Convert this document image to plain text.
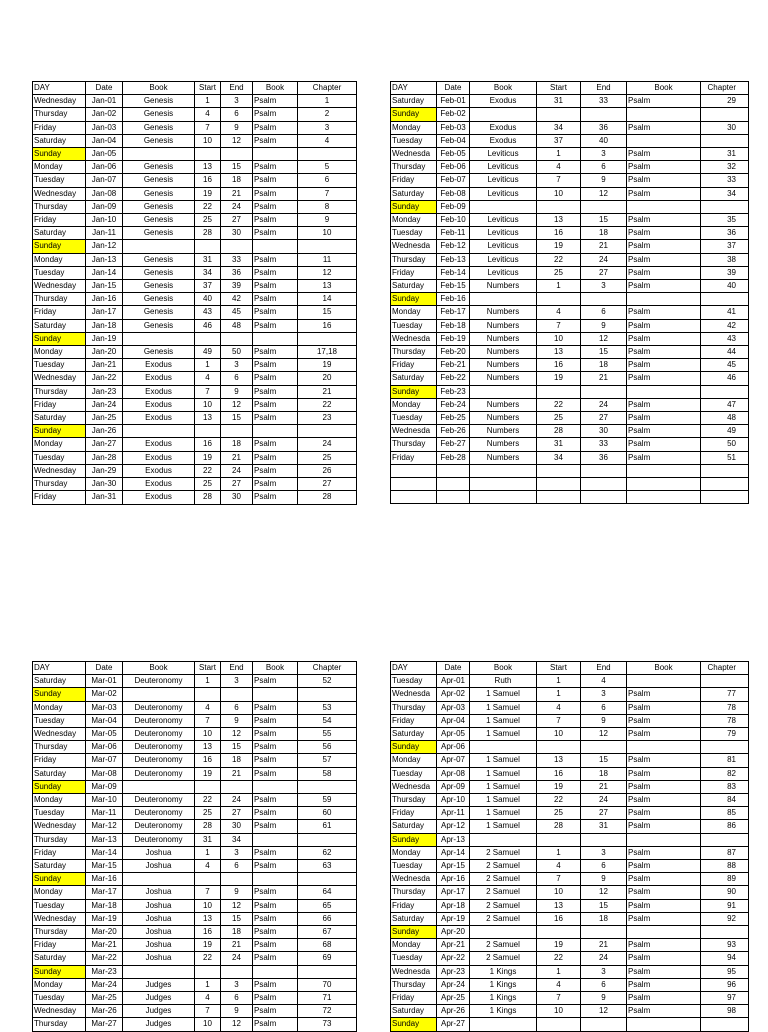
DAY	Date	Book	Start	End	Book	Chapter
Wednesday	Jan-01	Genesis	1	3	Psalm	1
Thursday	Jan-02	Genesis	4	6	Psalm	2
Friday	Jan-03	Genesis	7	9	Psalm	3
Saturday	Jan-04	Genesis	10	12	Psalm	4
Sunday	Jan-05					
Monday	Jan-06	Genesis	13	15	Psalm	5
Tuesday	Jan-07	Genesis	16	18	Psalm	6
Wednesday	Jan-08	Genesis	19	21	Psalm	7
Thursday	Jan-09	Genesis	22	24	Psalm	8
Friday	Jan-10	Genesis	25	27	Psalm	9
Saturday	Jan-11	Genesis	28	30	Psalm	10
Sunday	Jan-12					
Monday	Jan-13	Genesis	31	33	Psalm	11
Tuesday	Jan-14	Genesis	34	36	Psalm	12
Wednesday	Jan-15	Genesis	37	39	Psalm	13
Thursday	Jan-16	Genesis	40	42	Psalm	14
Friday	Jan-17	Genesis	43	45	Psalm	15
Saturday	Jan-18	Genesis	46	48	Psalm	16
Sunday	Jan-19					
Monday	Jan-20	Genesis	49	50	Psalm	17,18
Tuesday	Jan-21	Exodus	1	3	Psalm	19
Wednesday	Jan-22	Exodus	4	6	Psalm	20
Thursday	Jan-23	Exodus	7	9	Psalm	21
Friday	Jan-24	Exodus	10	12	Psalm	22
Saturday	Jan-25	Exodus	13	15	Psalm	23
Sunday	Jan-26					
Monday	Jan-27	Exodus	16	18	Psalm	24
Tuesday	Jan-28	Exodus	19	21	Psalm	25
Wednesday	Jan-29	Exodus	22	24	Psalm	26
Thursday	Jan-30	Exodus	25	27	Psalm	27
Friday	Jan-31	Exodus	28	30	Psalm	28
DAY	Date	Book	Start	End	Book	Chapter
Saturday	Feb-01	Exodus	31	33	Psalm	29
Sunday	Feb-02					
Monday	Feb-03	Exodus	34	36	Psalm	30
Tuesday	Feb-04	Exodus	37	40		
Wednesda	Feb-05	Leviticus	1	3	Psalm	31
Thursday	Feb-06	Leviticus	4	6	Psalm	32
Friday	Feb-07	Leviticus	7	9	Psalm	33
Saturday	Feb-08	Leviticus	10	12	Psalm	34
Sunday	Feb-09					
Monday	Feb-10	Leviticus	13	15	Psalm	35
Tuesday	Feb-11	Leviticus	16	18	Psalm	36
Wednesda	Feb-12	Leviticus	19	21	Psalm	37
Thursday	Feb-13	Leviticus	22	24	Psalm	38
Friday	Feb-14	Leviticus	25	27	Psalm	39
Saturday	Feb-15	Numbers	1	3	Psalm	40
Sunday	Feb-16					
Monday	Feb-17	Numbers	4	6	Psalm	41
Tuesday	Feb-18	Numbers	7	9	Psalm	42
Wednesda	Feb-19	Numbers	10	12	Psalm	43
Thursday	Feb-20	Numbers	13	15	Psalm	44
Friday	Feb-21	Numbers	16	18	Psalm	45
Saturday	Feb-22	Numbers	19	21	Psalm	46
Sunday	Feb-23					
Monday	Feb-24	Numbers	22	24	Psalm	47
Tuesday	Feb-25	Numbers	25	27	Psalm	48
Wednesda	Feb-26	Numbers	28	30	Psalm	49
Thursday	Feb-27	Numbers	31	33	Psalm	50
Friday	Feb-28	Numbers	34	36	Psalm	51

DAY	Date	Book	Start	End	Book	Chapter
Saturday	Mar-01	Deuteronomy	1	3	Psalm	52
Sunday	Mar-02					
Monday	Mar-03	Deuteronomy	4	6	Psalm	53
Tuesday	Mar-04	Deuteronomy	7	9	Psalm	54
Wednesday	Mar-05	Deuteronomy	10	12	Psalm	55
Thursday	Mar-06	Deuteronomy	13	15	Psalm	56
Friday	Mar-07	Deuteronomy	16	18	Psalm	57
Saturday	Mar-08	Deuteronomy	19	21	Psalm	58
Sunday	Mar-09					
Monday	Mar-10	Deuteronomy	22	24	Psalm	59
Tuesday	Mar-11	Deuteronomy	25	27	Psalm	60
Wednesday	Mar-12	Deuteronomy	28	30	Psalm	61
Thursday	Mar-13	Deuteronomy	31	34		
Friday	Mar-14	Joshua	1	3	Psalm	62
Saturday	Mar-15	Joshua	4	6	Psalm	63
Sunday	Mar-16					
Monday	Mar-17	Joshua	7	9	Psalm	64
Tuesday	Mar-18	Joshua	10	12	Psalm	65
Wednesday	Mar-19	Joshua	13	15	Psalm	66
Thursday	Mar-20	Joshua	16	18	Psalm	67
Friday	Mar-21	Joshua	19	21	Psalm	68
Saturday	Mar-22	Joshua	22	24	Psalm	69
Sunday	Mar-23					
Monday	Mar-24	Judges	1	3	Psalm	70
Tuesday	Mar-25	Judges	4	6	Psalm	71
Wednesday	Mar-26	Judges	7	9	Psalm	72
Thursday	Mar-27	Judges	10	12	Psalm	73
DAY	Date	Book	Start	End	Book	Chapter
Tuesday	Apr-01	Ruth	1	4		
Wednesda	Apr-02	1 Samuel	1	3	Psalm	77
Thursday	Apr-03	1 Samuel	4	6	Psalm	78
Friday	Apr-04	1 Samuel	7	9	Psalm	78
Saturday	Apr-05	1 Samuel	10	12	Psalm	79
Sunday	Apr-06					
Monday	Apr-07	1 Samuel	13	15	Psalm	81
Tuesday	Apr-08	1 Samuel	16	18	Psalm	82
Wednesda	Apr-09	1 Samuel	19	21	Psalm	83
Thursday	Apr-10	1 Samuel	22	24	Psalm	84
Friday	Apr-11	1 Samuel	25	27	Psalm	85
Saturday	Apr-12	1 Samuel	28	31	Psalm	86
Sunday	Apr-13					
Monday	Apr-14	2 Samuel	1	3	Psalm	87
Tuesday	Apr-15	2 Samuel	4	6	Psalm	88
Wednesda	Apr-16	2 Samuel	7	9	Psalm	89
Thursday	Apr-17	2 Samuel	10	12	Psalm	90
Friday	Apr-18	2 Samuel	13	15	Psalm	91
Saturday	Apr-19	2 Samuel	16	18	Psalm	92
Sunday	Apr-20					
Monday	Apr-21	2 Samuel	19	21	Psalm	93
Tuesday	Apr-22	2 Samuel	22	24	Psalm	94
Wednesda	Apr-23	1 Kings	1	3	Psalm	95
Thursday	Apr-24	1 Kings	4	6	Psalm	96
Friday	Apr-25	1 Kings	7	9	Psalm	97
Saturday	Apr-26	1 Kings	10	12	Psalm	98
Sunday	Apr-27					
